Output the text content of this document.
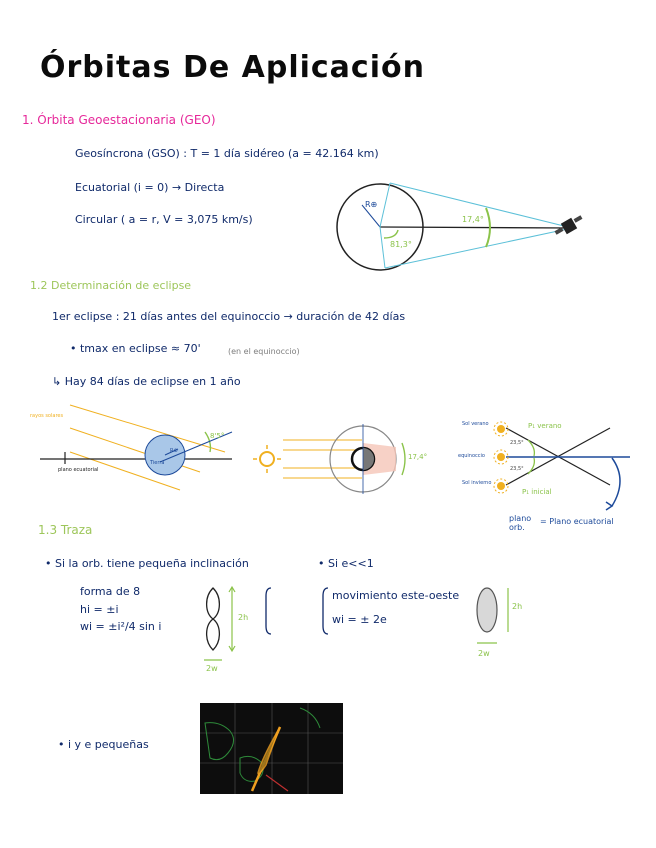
Órbitas De Aplicación
1. Órbita Geoestacionaria (GEO)
Geosíncrona (GSO) : T = 1 día sidéreo (a = 42.164 km)
Ecuatorial (i = 0) → Directa
Circular ( a = r, V = 3,075 km/s)
R⊕
17,4°
81,3°
1.2 Determinación de eclipse
1er eclipse : 21 días antes del equinoccio → duración de 42 días
• tmax en eclipse ≈ 70'	(en el equinoccio)
↳ Hay 84 días de eclipse en 1 año
rayos solares
plano ecuatorial
Tierra
R⊕
8'5°
17,4°
Sol verano
equinoccio
Sol invierno
P₁ verano
P₁ inicial
23,5°
23,5°
plano orb.
= Plano ecuatorial
1.3 Traza
• Si la orb. tiene pequeña inclinación
forma de 8
hi = ±i
wi = ±i²/4 sin i
2h
2w
• Si e<<1
movimiento este-oeste
wi = ± 2e
2h
2w
• i y e pequeñas
